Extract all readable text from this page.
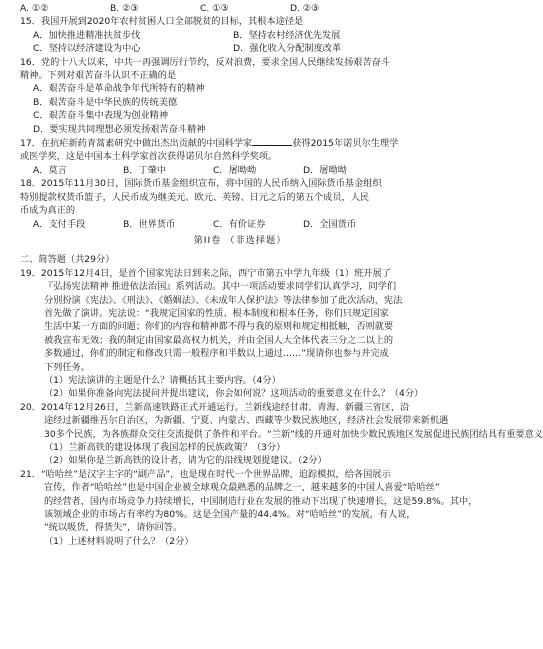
A. ①②	B. ②③	C. ①③	D. ②③
15．我国开展到2020年农村贫困人口全部脱贫的目标，其根本途径是
A．加快推进精准扶贫步伐	B．坚持农村经济优先发展
C．坚持以经济建设为中心	D．强化收入分配制度改革
16．党的十八大以来，中共一再强调厉行节约，反对浪费，要求全国人民继续发扬艰苦奋斗
精神。下列对艰苦奋斗认识不正确的是
A．艰苦奋斗是革命战争年代所特有的精神
B．艰苦奋斗是中华民族的传统美德
C．艰苦奋斗集中表现为创业精神
D．要实现共同理想必须发扬艰苦奋斗精神
17．在抗疟新药青蒿素研究中做出杰出贡献的中国科学家	获得2015年诺贝尔生理学
或医学奖，这是中国本土科学家首次获得诺贝尔自然科学奖项。
A．莫言	B．丁肇中	C．屠呦呦	D．屠呦呦
18．2015年11月30日，国际货币基金组织宣布，将中国的人民币纳入国际货币基金组织
特别提款权货币篮子，人民币成为继美元、欧元、英镑、日元之后的第五个成员，人民
币成为真正的
A．支付手段	B．世界货币	C．有价证券	D．全国货币
第II卷 （非选择题）
二、简答题（共29分）
19．2015年12月4日，是首个国家宪法日到来之际，西宁市第五中学九年级（1）班开展了
『弘扬宪法精神 推进依法治国』系列活动。其中一项活动要求同学们认真学习，同学们
分别扮演《宪法》、《刑法》、《婚姻法》、《未成年人保护法》等法律参加了此次活动，宪法
首先做了演讲。宪法说：“我规定国家的性质、根本制度和根本任务，你们只规定国家
生活中某一方面的问题；你们的内容和精神都不得与我的原则和规定相抵触，否则就要
被我宣布无效；我的制定由国家最高权力机关，并由全国人大全体代表三分之二以上的
多数通过，你们的制定和修改只需一般程序和半数以上通过……”现请你也参与并完成
下列任务。
（1）宪法演讲的主题是什么？请概括其主要内容。（4分）
（2）如果你准备向宪法提问并提出建议，你会如何说？这项活动的重要意义在什么？（4分）
20．2014年12月26日，兰新高速铁路正式开通运行。兰新线途经甘肃、青海、新疆三省区，沿
途经过新疆维吾尔自治区，为新疆、宁夏、内蒙古、西藏等少数民族地区，经济社会发展带来新机遇
30多个民族，为各族群众交往交流提供了条件和平台。“兰新”线的开通对加快少数民族地区发展促进民族团结具有重要意义
（1）兰新高铁的建设体现了我国怎样的民族政策？（3分）
（2）如果你是兰新高铁的设计者，请为它的沿线规划提建议。（2分）
21．“哈哈丝”是汉字主字的“副产品”，也是现在时代一个世界品牌，追踪模拟，给各国展示
宣传，作者“哈哈丝”也是中国企业被全球观众最熟悉的品牌之一，越来越多的中国人喜爱“哈哈丝”
的经营者，国内市场竞争力持续增长，中国制造行业在发展的推动下出现了快速增长，这是59.8%。其中，
该领域企业的市场占有率约为80%。这是全国产量的44.4%。对“哈哈丝”的发展，有人说，
“统以吸货，得货失”，请你回答。
（1）上述材料说明了什么？（2分）
